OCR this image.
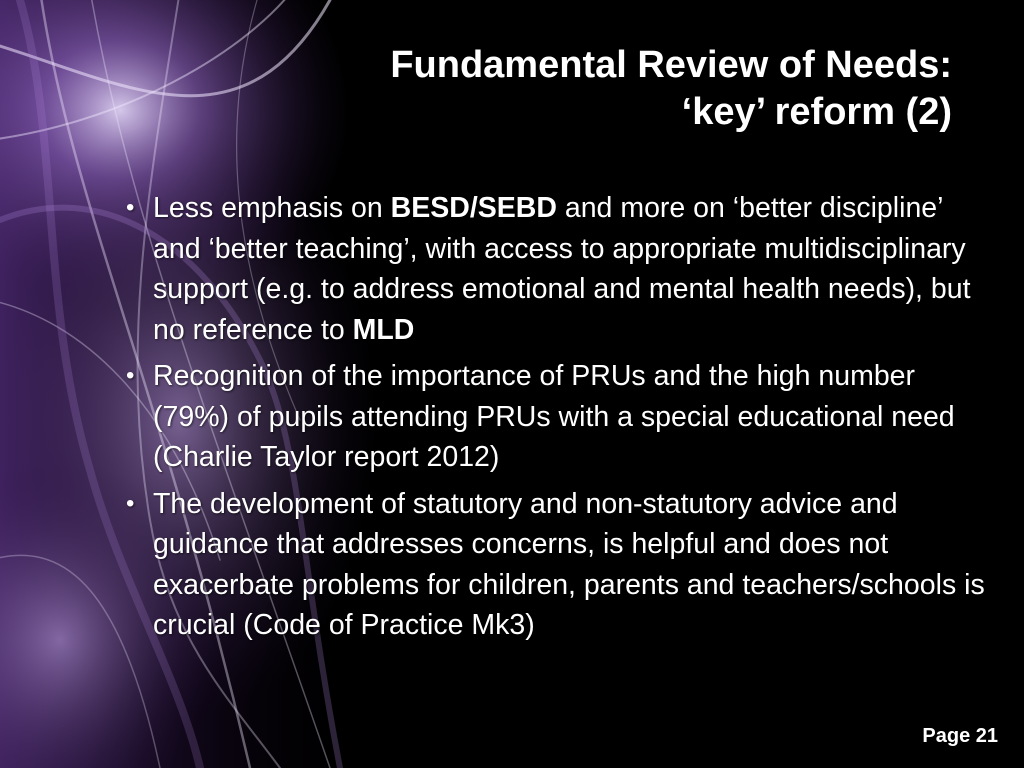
Fundamental Review of Needs:
‘key’ reform (2)
• Less emphasis on BESD/SEBD and more on ‘better discipline’ and ‘better teaching’, with access to appropriate multidisciplinary support (e.g. to address emotional and mental health needs), but no reference to MLD
• Recognition of the importance of PRUs and the high number (79%) of pupils attending PRUs with a special educational need (Charlie Taylor report 2012)
• The development of statutory and non-statutory advice and guidance that addresses concerns, is helpful and does not exacerbate problems for children, parents and teachers/schools is crucial (Code of Practice Mk3)
Page 21
